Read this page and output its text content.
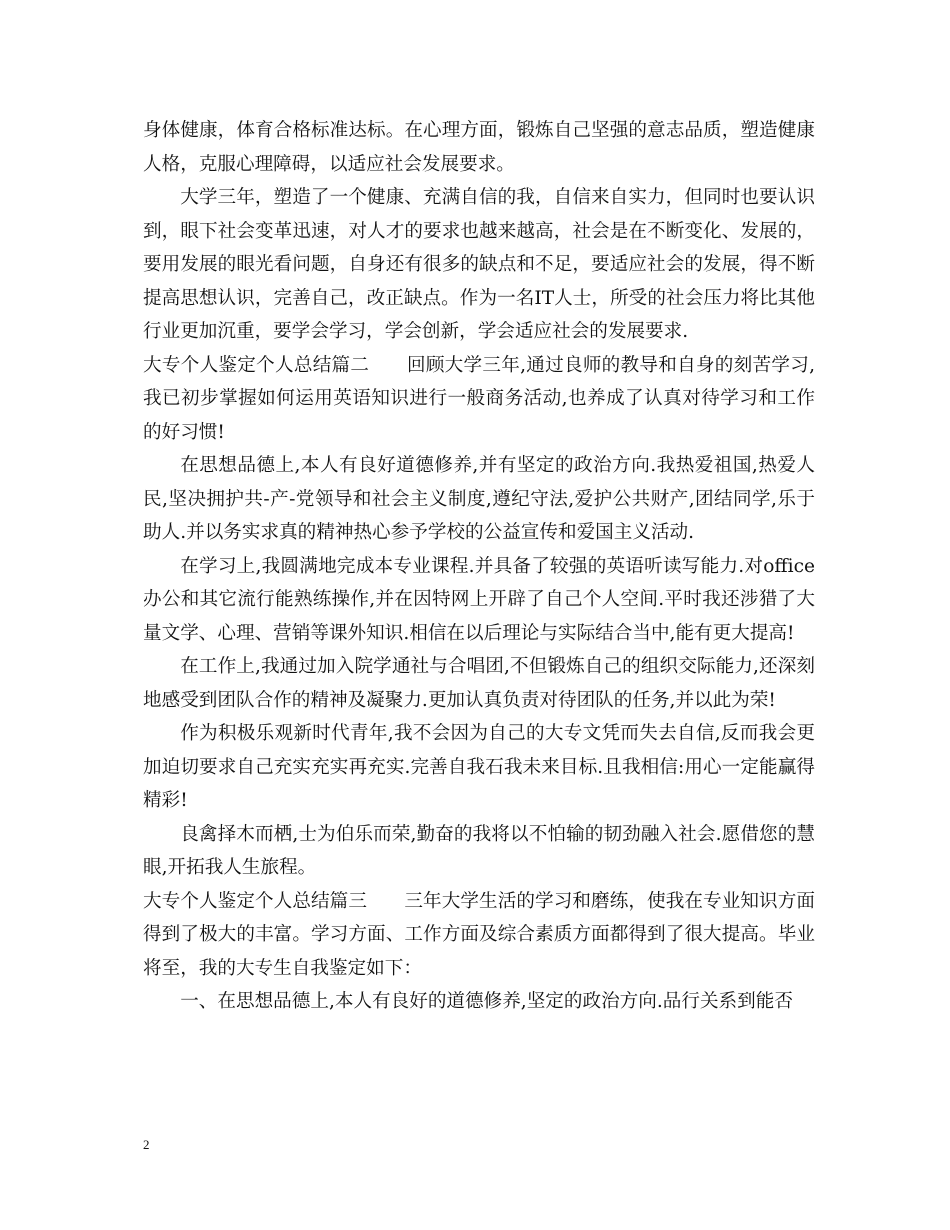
身体健康，体育合格标准达标。在心理方面，锻炼自己坚强的意志品质，塑造健康人格，克服心理障碍，以适应社会发展要求。

大学三年，塑造了一个健康、充满自信的我，自信来自实力，但同时也要认识到，眼下社会变革迅速，对人才的要求也越来越高，社会是在不断变化、发展的，要用发展的眼光看问题，自身还有很多的缺点和不足，要适应社会的发展，得不断提高思想认识，完善自己，改正缺点。作为一名IT人士，所受的社会压力将比其他行业更加沉重，要学会学习，学会创新，学会适应社会的发展要求.

大专个人鉴定个人总结篇二　　回顾大学三年,通过良师的教导和自身的刻苦学习,我已初步掌握如何运用英语知识进行一般商务活动,也养成了认真对待学习和工作的好习惯!

在思想品德上,本人有良好道德修养,并有坚定的政治方向.我热爱祖国,热爱人民,坚决拥护共-产-党领导和社会主义制度,遵纪守法,爱护公共财产,团结同学,乐于助人.并以务实求真的精神热心参予学校的公益宣传和爱国主义活动.

在学习上,我圆满地完成本专业课程.并具备了较强的英语听读写能力.对office办公和其它流行能熟练操作,并在因特网上开辟了自己个人空间.平时我还涉猎了大量文学、心理、营销等课外知识.相信在以后理论与实际结合当中,能有更大提高!

在工作上,我通过加入院学通社与合唱团,不但锻炼自己的组织交际能力,还深刻地感受到团队合作的精神及凝聚力.更加认真负责对待团队的任务,并以此为荣!

作为积极乐观新时代青年,我不会因为自己的大专文凭而失去自信,反而我会更加迫切要求自己充实充实再充实.完善自我石我未来目标.且我相信:用心一定能赢得精彩!

良禽择木而栖,士为伯乐而荣,勤奋的我将以不怕输的韧劲融入社会.愿借您的慧眼,开拓我人生旅程。

大专个人鉴定个人总结篇三　　三年大学生活的学习和磨练，使我在专业知识方面得到了极大的丰富。学习方面、工作方面及综合素质方面都得到了很大提高。毕业将至，我的大专生自我鉴定如下：

一、在思想品德上,本人有良好的道德修养,坚定的政治方向.品行关系到能否

2
